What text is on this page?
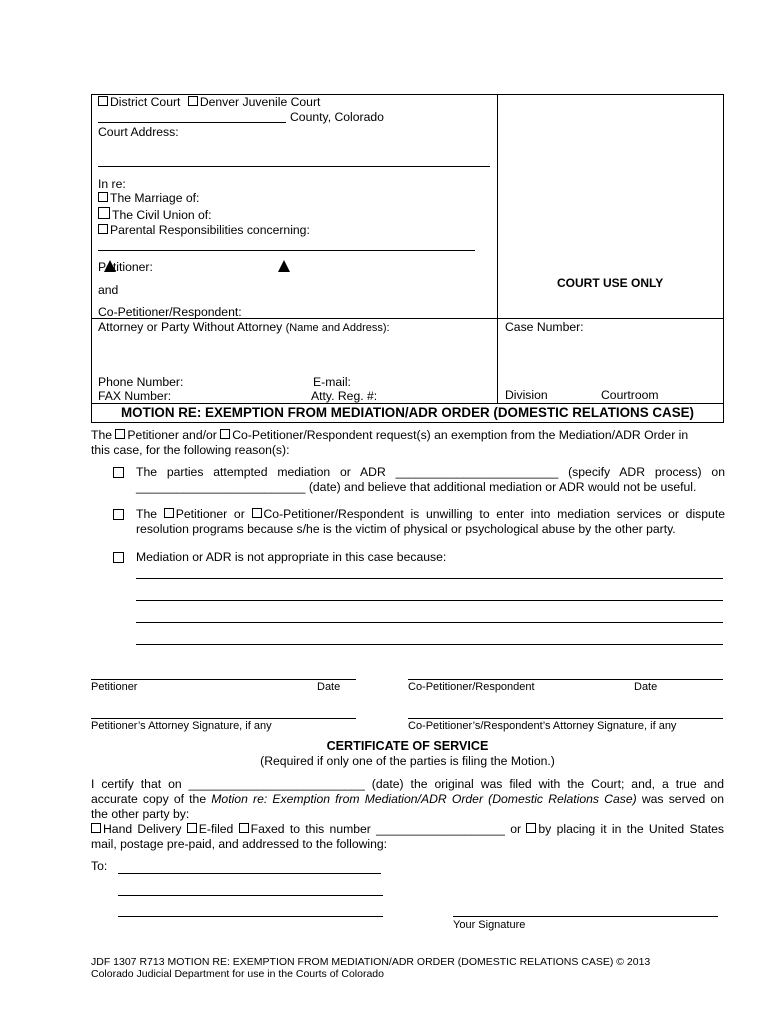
District Court Denver Juvenile Court
County, Colorado
Court Address:
In re:
The Marriage of:
The Civil Union of:
Parental Responsibilities concerning:
Petitioner:
and
Co-Petitioner/Respondent:
COURT USE ONLY
Attorney or Party Without Attorney (Name and Address):	Case Number:
Phone Number:	E-mail:
FAX Number:	Atty. Reg. #:	Division	Courtroom
MOTION RE: EXEMPTION FROM MEDIATION/ADR ORDER (DOMESTIC RELATIONS CASE)
The Petitioner and/or Co-Petitioner/Respondent request(s) an exemption from the Mediation/ADR Order in
this case, for the following reason(s):
The parties attempted mediation or ADR ________________________ (specify ADR process) on
_________________________ (date) and believe that additional mediation or ADR would not be useful.
The Petitioner or Co-Petitioner/Respondent is unwilling to enter into mediation services or dispute
resolution programs because s/he is the victim of physical or psychological abuse by the other party.
Mediation or ADR is not appropriate in this case because:
Petitioner	Date	Co-Petitioner/Respondent	Date
Petitioner’s Attorney Signature, if any	Co-Petitioner’s/Respondent’s Attorney Signature, if any
CERTIFICATE OF SERVICE
(Required if only one of the parties is filing the Motion.)
I certify that on __________________________ (date) the original was filed with the Court; and, a true and
accurate copy of the Motion re: Exemption from Mediation/ADR Order (Domestic Relations Case) was served on
the other party by:
Hand Delivery E-filed Faxed to this number ___________________ or by placing it in the United States
mail, postage pre-paid, and addressed to the following:
To:
Your Signature
JDF 1307 R713 MOTION RE: EXEMPTION FROM MEDIATION/ADR ORDER (DOMESTIC RELATIONS CASE) © 2013
Colorado Judicial Department for use in the Courts of Colorado
